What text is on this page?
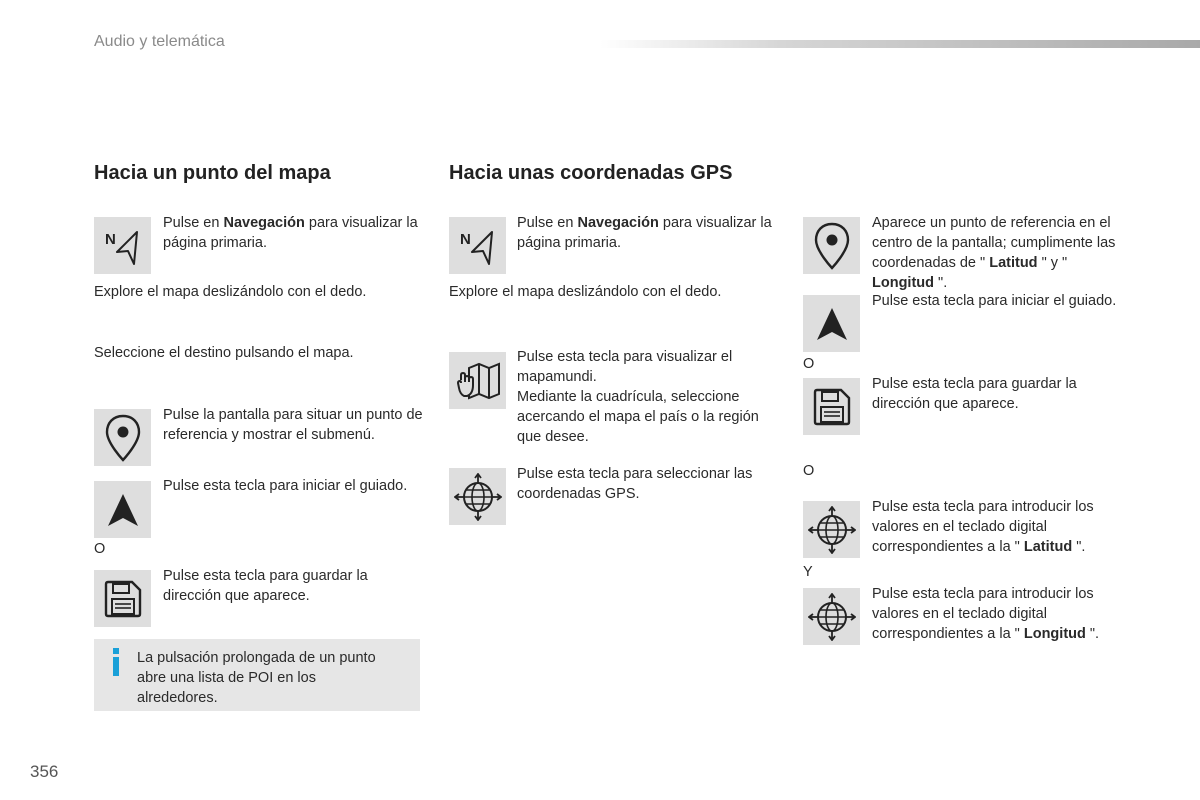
Audio y telemática
Hacia un punto del mapa
N
Pulse en Navegación para visualizar la página primaria.
Explore el mapa deslizándolo con el dedo.
Seleccione el destino pulsando el mapa.
Pulse la pantalla para situar un punto de referencia y mostrar el submenú.
Pulse esta tecla para iniciar el guiado.
O
Pulse esta tecla para guardar la dirección que aparece.
La pulsación prolongada de un punto abre una lista de POI en los alrededores.
Hacia unas coordenadas GPS
N
Pulse en Navegación para visualizar la página primaria.
Explore el mapa deslizándolo con el dedo.
Pulse esta tecla para visualizar el mapamundi.
Mediante la cuadrícula, seleccione acercando el mapa el país o la región que desee.
Pulse esta tecla para seleccionar las coordenadas GPS.
Aparece un punto de referencia en el centro de la pantalla; cumplimente las coordenadas de " Latitud " y " Longitud ".
Pulse esta tecla para iniciar el guiado.
O
Pulse esta tecla para guardar la dirección que aparece.
O
Pulse esta tecla para introducir los valores en el teclado digital correspondientes a la " Latitud ".
Y
Pulse esta tecla para introducir los valores en el teclado digital correspondientes a la " Longitud ".
356
